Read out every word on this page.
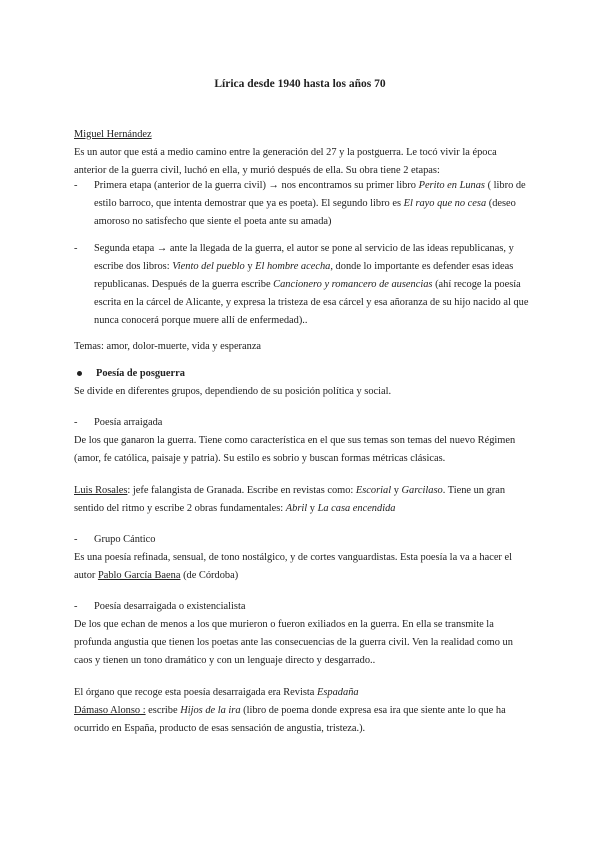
Lírica desde 1940 hasta los años 70
Miguel Hernández
Es un autor que está a medio camino entre la generación del 27 y la postguerra. Le tocó vivir la época anterior de la guerra civil, luchó en ella, y murió después de ella. Su obra tiene 2 etapas:
- Primera etapa (anterior de la guerra civil) → nos encontramos su primer libro Perito en Lunas ( libro de estilo barroco, que intenta demostrar que ya es poeta). El segundo libro es El rayo que no cesa (deseo amoroso no satisfecho que siente el poeta ante su amada)
- Segunda etapa → ante la llegada de la guerra, el autor se pone al servicio de las ideas republicanas, y escribe dos libros: Viento del pueblo y El hombre acecha, donde lo importante es defender esas ideas republicanas. Después de la guerra escribe Cancionero y romancero de ausencias (ahí recoge la poesía escrita en la cárcel de Alicante, y expresa la tristeza de esa cárcel y esa añoranza de su hijo nacido al que nunca conocerá porque muere allí de enfermedad)..
Temas: amor, dolor-muerte, vida y esperanza
Poesía de posguerra
Se divide en diferentes grupos, dependiendo de su posición política y social.
- Poesía arraigada
De los que ganaron la guerra. Tiene como característica en el que sus temas son temas del nuevo Régimen (amor, fe católica, paisaje y patria). Su estilo es sobrio y buscan formas métricas clásicas.
Luis Rosales: jefe falangista de Granada. Escribe en revistas como: Escorial y Garcilaso. Tiene un gran sentido del ritmo y escribe 2 obras fundamentales: Abril y La casa encendida
- Grupo Cántico
Es una poesía refinada, sensual, de tono nostálgico, y de cortes vanguardistas. Esta poesía la va a hacer el autor Pablo García Baena (de Córdoba)
- Poesía desarraigada o existencialista
De los que echan de menos a los que murieron o fueron exiliados en la guerra. En ella se transmite la profunda angustia que tienen los poetas ante las consecuencias de la guerra civil. Ven la realidad como un caos y tienen un tono dramático y con un lenguaje directo y desgarrado..
El órgano que recoge esta poesía desarraigada era Revista Espadaña
Dámaso Alonso : escribe Hijos de la ira (libro de poema donde expresa esa ira que siente ante lo que ha ocurrido en España, producto de esas sensación de angustia, tristeza.).
